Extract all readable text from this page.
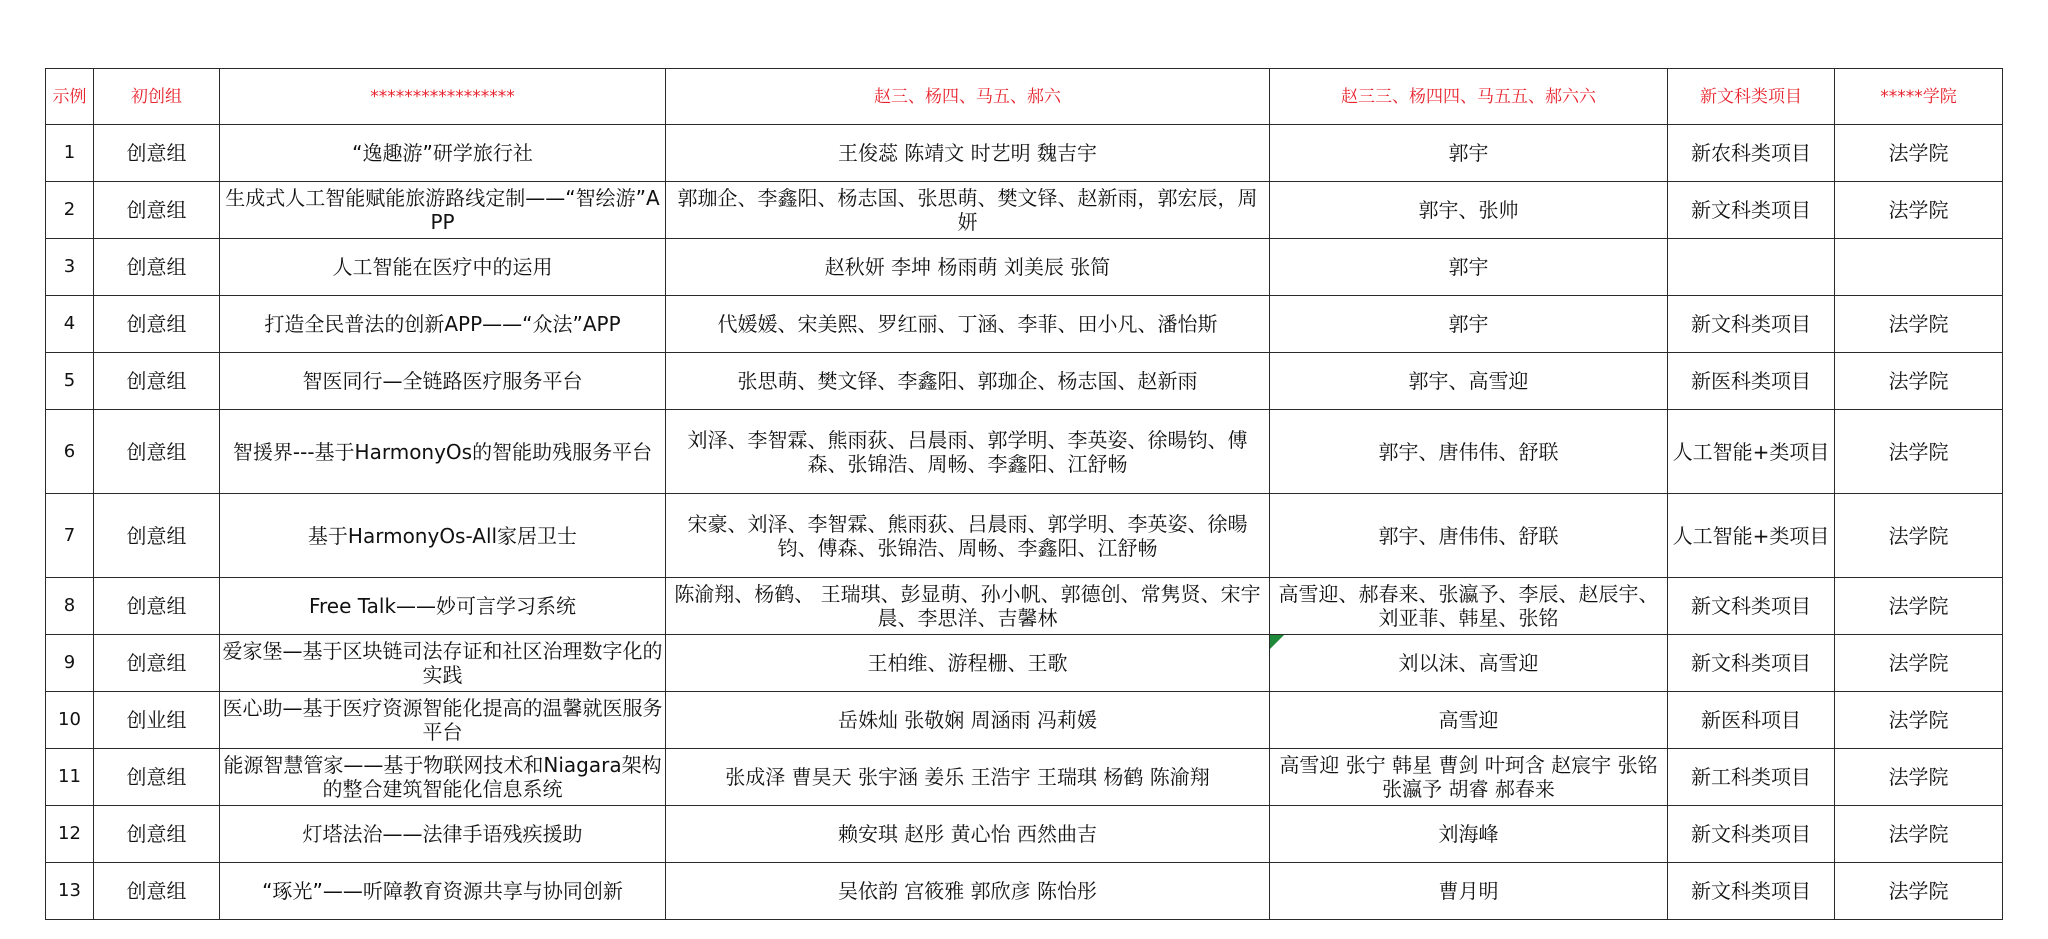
示例	初创组	*****************	赵三、杨四、马五、郝六	赵三三、杨四四、马五五、郝六六	新文科类项目	*****学院
1	创意组	“逸趣游”研学旅行社	王俊蕊 陈靖文 时艺明 魏吉宇	郭宇	新农科类项目	法学院
2	创意组	生成式人工智能赋能旅游路线定制——“智绘游”APP	郭珈企、李鑫阳、杨志国、张思萌、樊文铎、赵新雨，郭宏辰，周妍	郭宇、张帅	新文科类项目	法学院
3	创意组	人工智能在医疗中的运用	赵秋妍 李坤 杨雨萌 刘美辰 张简	郭宇		
4	创意组	打造全民普法的创新APP——“众法”APP	代媛媛、宋美熙、罗红丽、丁涵、李菲、田小凡、潘怡斯	郭宇	新文科类项目	法学院
5	创意组	智医同行—全链路医疗服务平台	张思萌、樊文铎、李鑫阳、郭珈企、杨志国、赵新雨	郭宇、高雪迎	新医科类项目	法学院
6	创意组	智援界---基于HarmonyOs的智能助残服务平台	刘泽、李智霖、熊雨荻、吕晨雨、郭学明、李英姿、徐暘钧、傅森、张锦浩、周畅、李鑫阳、江舒畅	郭宇、唐伟伟、舒联	人工智能+类项目	法学院
7	创意组	基于HarmonyOs-All家居卫士	宋豪、刘泽、李智霖、熊雨荻、吕晨雨、郭学明、李英姿、徐暘钧、傅森、张锦浩、周畅、李鑫阳、江舒畅	郭宇、唐伟伟、舒联	人工智能+类项目	法学院
8	创意组	Free Talk——妙可言学习系统	陈渝翔、杨鹤、 王瑞琪、彭显萌、孙小帆、郭德创、常隽贤、宋宇晨、李思洋、吉馨林	高雪迎、郝春来、张瀛予、李辰、赵辰宇、刘亚菲、韩星、张铭	新文科类项目	法学院
9	创意组	爱家堡—基于区块链司法存证和社区治理数字化的实践	王柏维、游程栅、王歌	刘以沫、高雪迎	新文科类项目	法学院
10	创业组	医心助—基于医疗资源智能化提高的温馨就医服务平台	岳姝灿 张敬娴 周涵雨 冯莉媛	高雪迎	新医科项目	法学院
11	创意组	能源智慧管家——基于物联网技术和Niagara架构的整合建筑智能化信息系统	张成泽 曹昊天 张宇涵 姜乐 王浩宇 王瑞琪 杨鹤 陈渝翔	高雪迎 张宁 韩星 曹剑 叶珂含 赵宸宇 张铭 张瀛予 胡睿 郝春来	新工科类项目	法学院
12	创意组	灯塔法治——法律手语残疾援助	赖安琪 赵彤 黄心怡 西然曲吉	刘海峰	新文科类项目	法学院
13	创意组	“琢光”——听障教育资源共享与协同创新	吴依韵 宫筱雅 郭欣彦 陈怡彤	曹月明	新文科类项目	法学院
